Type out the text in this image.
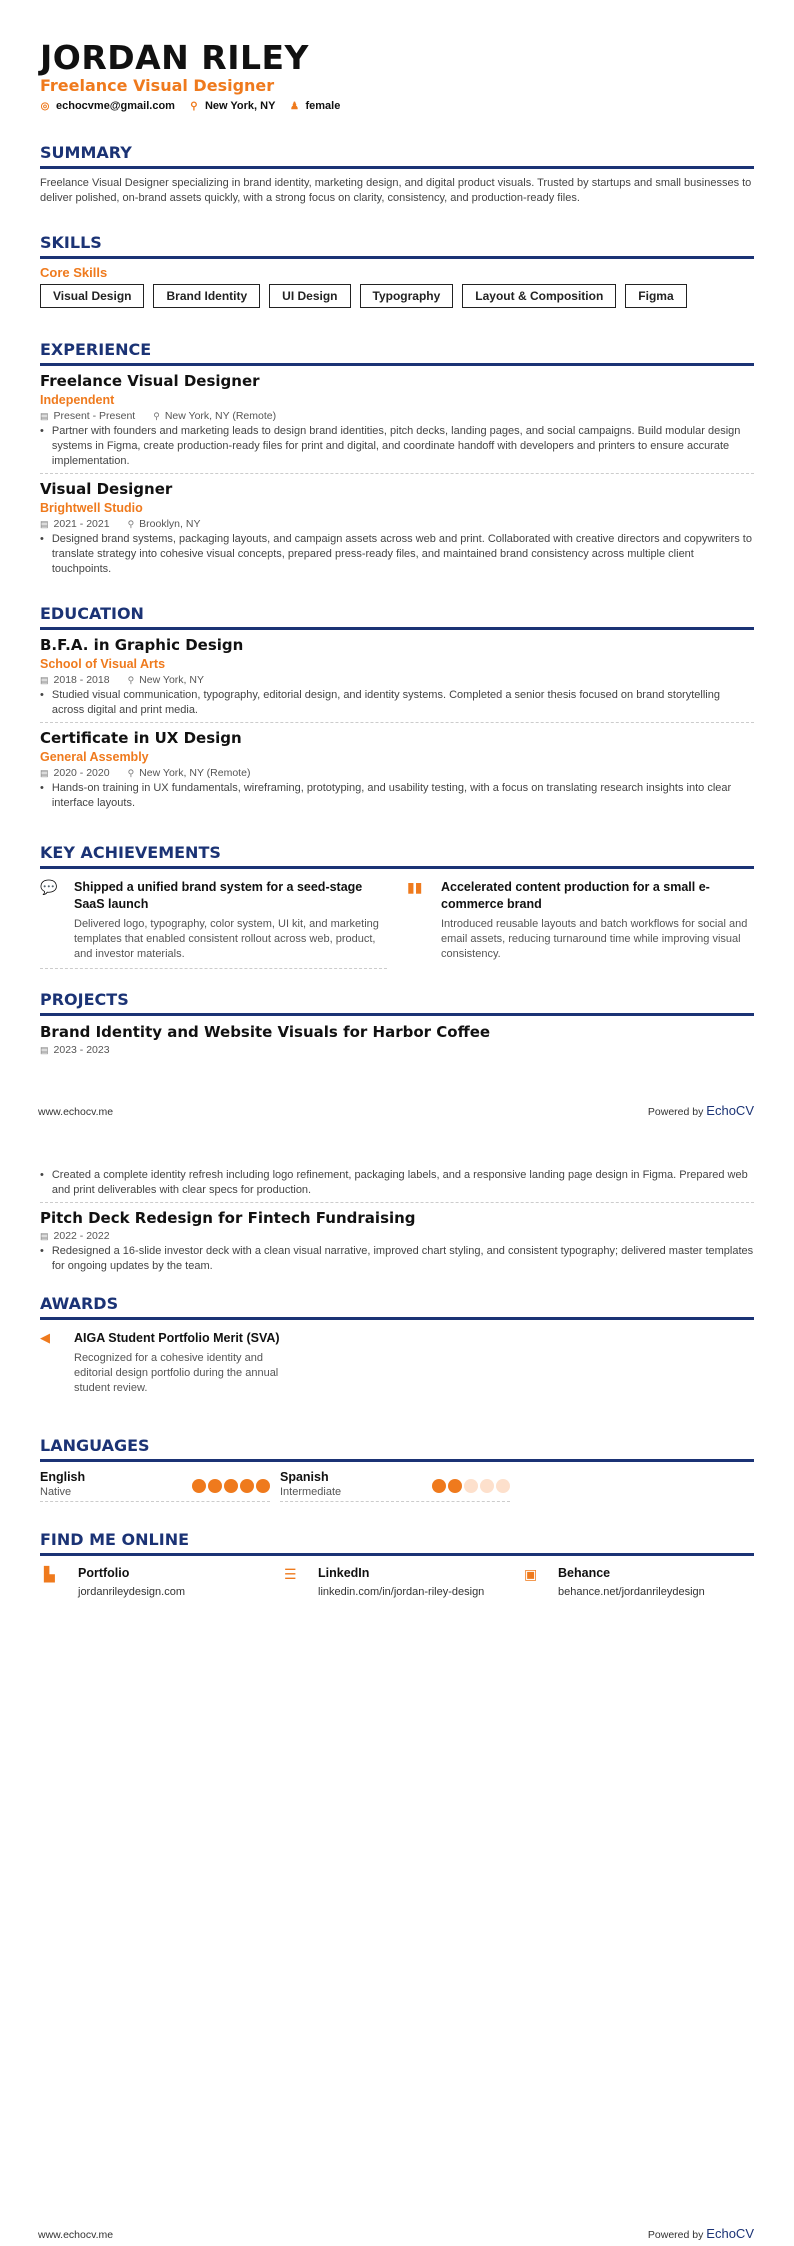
JORDAN RILEY
Freelance Visual Designer
◎ echocvme@gmail.com ⚲ New York, NY ♟ female
SUMMARY
Freelance Visual Designer specializing in brand identity, marketing design, and digital product visuals. Trusted by startups and small businesses to deliver polished, on-brand assets quickly, with a strong focus on clarity, consistency, and production-ready files.
SKILLS
Core Skills
Visual Design	Brand Identity	UI Design	Typography	Layout & Composition	Figma
EXPERIENCE
Freelance Visual Designer
Independent
▤ Present - Present ⚲ New York, NY (Remote)
• Partner with founders and marketing leads to design brand identities, pitch decks, landing pages, and social campaigns. Build modular design systems in Figma, create production-ready files for print and digital, and coordinate handoff with developers and printers to ensure accurate implementation.
Visual Designer
Brightwell Studio
▤ 2021 - 2021 ⚲ Brooklyn, NY
• Designed brand systems, packaging layouts, and campaign assets across web and print. Collaborated with creative directors and copywriters to translate strategy into cohesive visual concepts, prepared press-ready files, and maintained brand consistency across multiple client touchpoints.
EDUCATION
B.F.A. in Graphic Design
School of Visual Arts
▤ 2018 - 2018 ⚲ New York, NY
• Studied visual communication, typography, editorial design, and identity systems. Completed a senior thesis focused on brand storytelling across digital and print media.
Certificate in UX Design
General Assembly
▤ 2020 - 2020 ⚲ New York, NY (Remote)
• Hands-on training in UX fundamentals, wireframing, prototyping, and usability testing, with a focus on translating research insights into clear interface layouts.
KEY ACHIEVEMENTS
💬 Shipped a unified brand system for a seed-stage SaaS launch
Delivered logo, typography, color system, UI kit, and marketing templates that enabled consistent rollout across web, product, and investor materials.
▮▮	Accelerated content production for a small e-commerce brand
Introduced reusable layouts and batch workflows for social and email assets, reducing turnaround time while improving visual consistency.
PROJECTS
Brand Identity and Website Visuals for Harbor Coffee
▤ 2023 - 2023
www.echocv.me	Powered by EchoCV
• Created a complete identity refresh including logo refinement, packaging labels, and a responsive landing page design in Figma. Prepared web and print deliverables with clear specs for production.
Pitch Deck Redesign for Fintech Fundraising
▤ 2022 - 2022
• Redesigned a 16-slide investor deck with a clean visual narrative, improved chart styling, and consistent typography; delivered master templates for ongoing updates by the team.
AWARDS
◀	AIGA Student Portfolio Merit (SVA)
Recognized for a cohesive identity and editorial design portfolio during the annual student review.
LANGUAGES
English
Native
Spanish
Intermediate
FIND ME ONLINE
▙	Portfolio
jordanrileydesign.com
☰ LinkedIn
linkedin.com/in/jordan-riley-design
▣ Behance
behance.net/jordanrileydesign
www.echocv.me	Powered by EchoCV
